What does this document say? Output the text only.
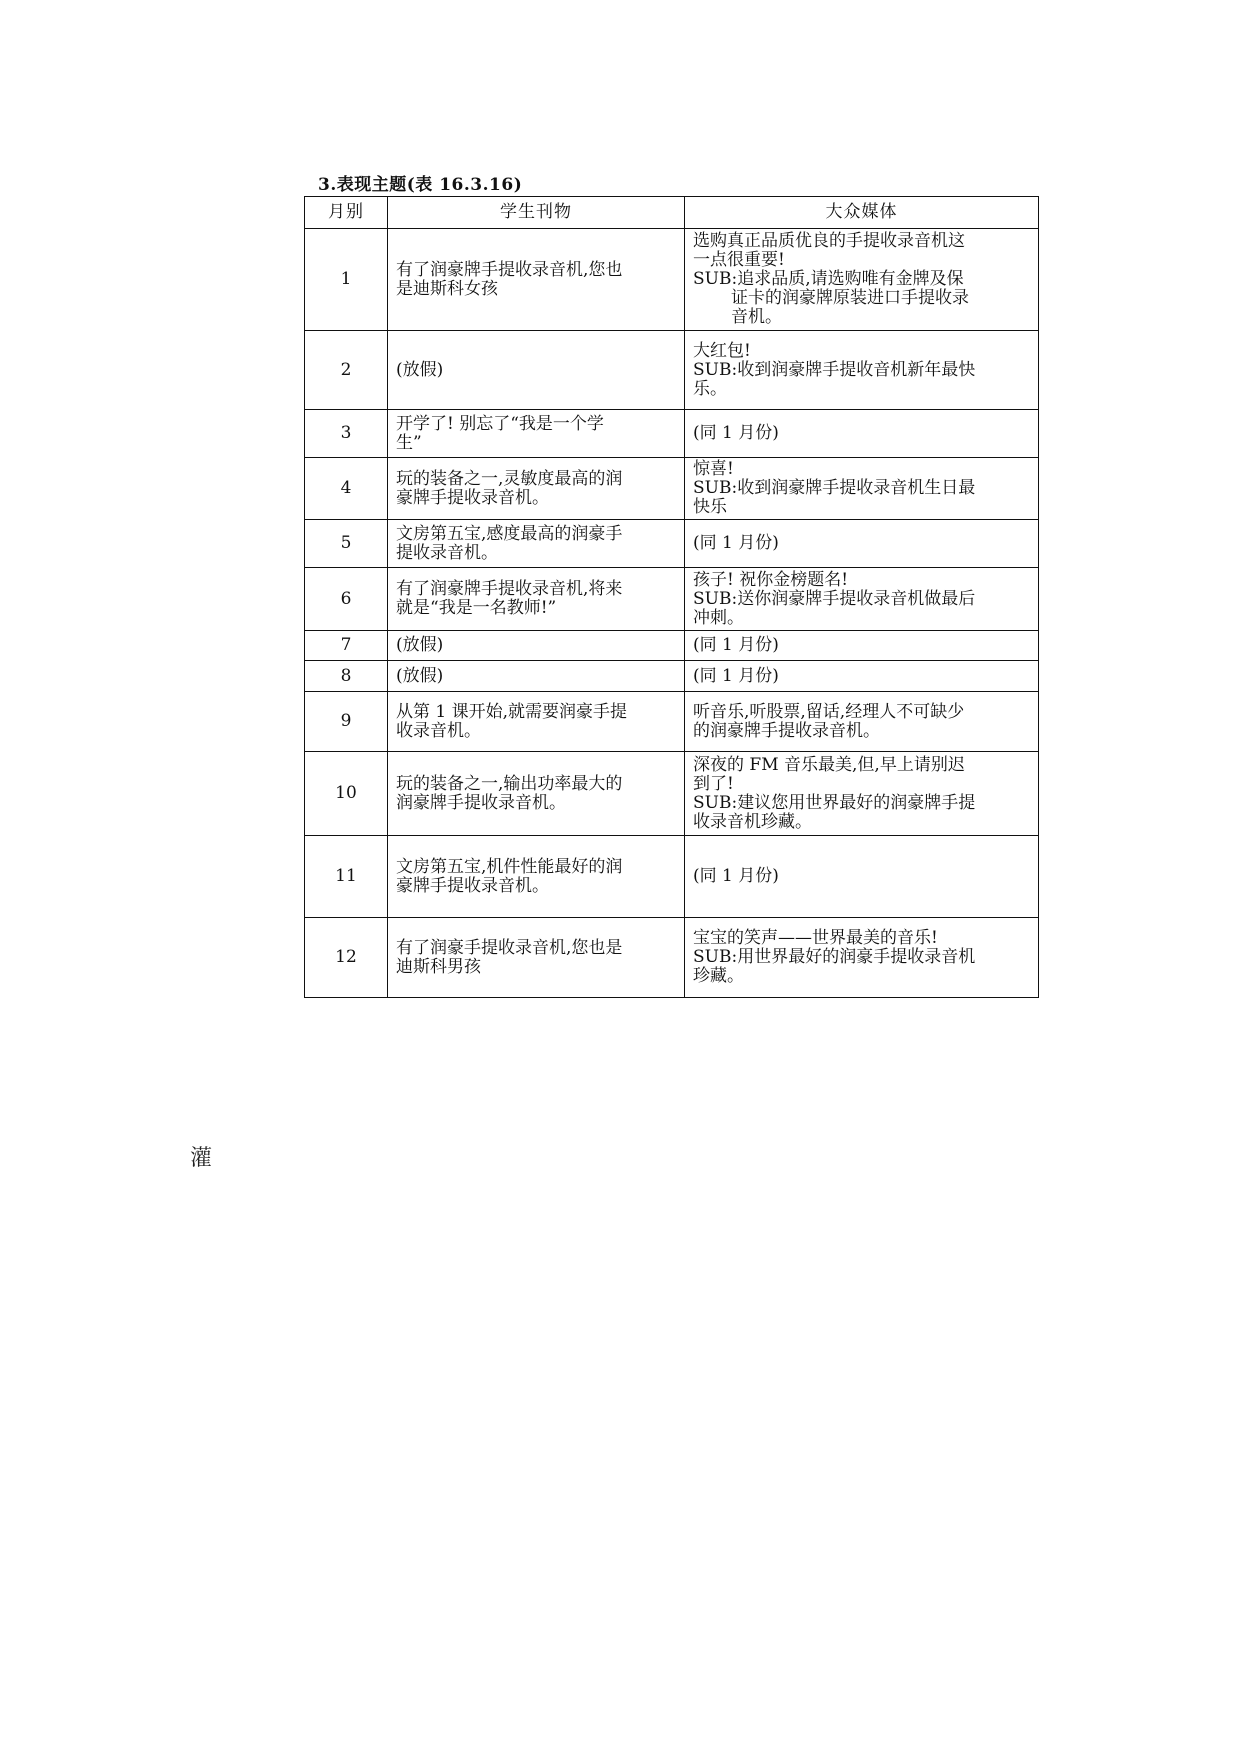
3.表现主题(表 16.3.16)
月别	学生刊物	大众媒体
1	有了润豪牌手提收录音机,您也
是迪斯科女孩	选购真正品质优良的手提收录音机这
一点很重要!
SUB:追求品质,请选购唯有金牌及保
证卡的润豪牌原装进口手提收录
音机。

2	(放假)	大红包!
SUB:收到润豪牌手提收音机新年最快
乐。

3	开学了! 别忘了“我是一个学
生”	(同 1 月份)

4	玩的装备之一,灵敏度最高的润
豪牌手提收录音机。	惊喜!
SUB:收到润豪牌手提收录音机生日最
快乐

5	文房第五宝,感度最高的润豪手
提收录音机。	(同 1 月份)

6	有了润豪牌手提收录音机,将来
就是“我是一名教师!”	孩子! 祝你金榜题名!
SUB:送你润豪牌手提收录音机做最后
冲刺。

7	(放假)	(同 1 月份)

8	(放假)	(同 1 月份)

9	从第 1 课开始,就需要润豪手提
收录音机。	听音乐,听股票,留话,经理人不可缺少
的润豪牌手提收录音机。

10	玩的装备之一,输出功率最大的
润豪牌手提收录音机。	深夜的 FM 音乐最美,但,早上请别迟
到了!
SUB:建议您用世界最好的润豪牌手提
收录音机珍藏。

11	文房第五宝,机件性能最好的润
豪牌手提收录音机。	(同 1 月份)

12	有了润豪手提收录音机,您也是
迪斯科男孩	宝宝的笑声——世界最美的音乐!
SUB:用世界最好的润豪手提收录音机
珍藏。
灌
